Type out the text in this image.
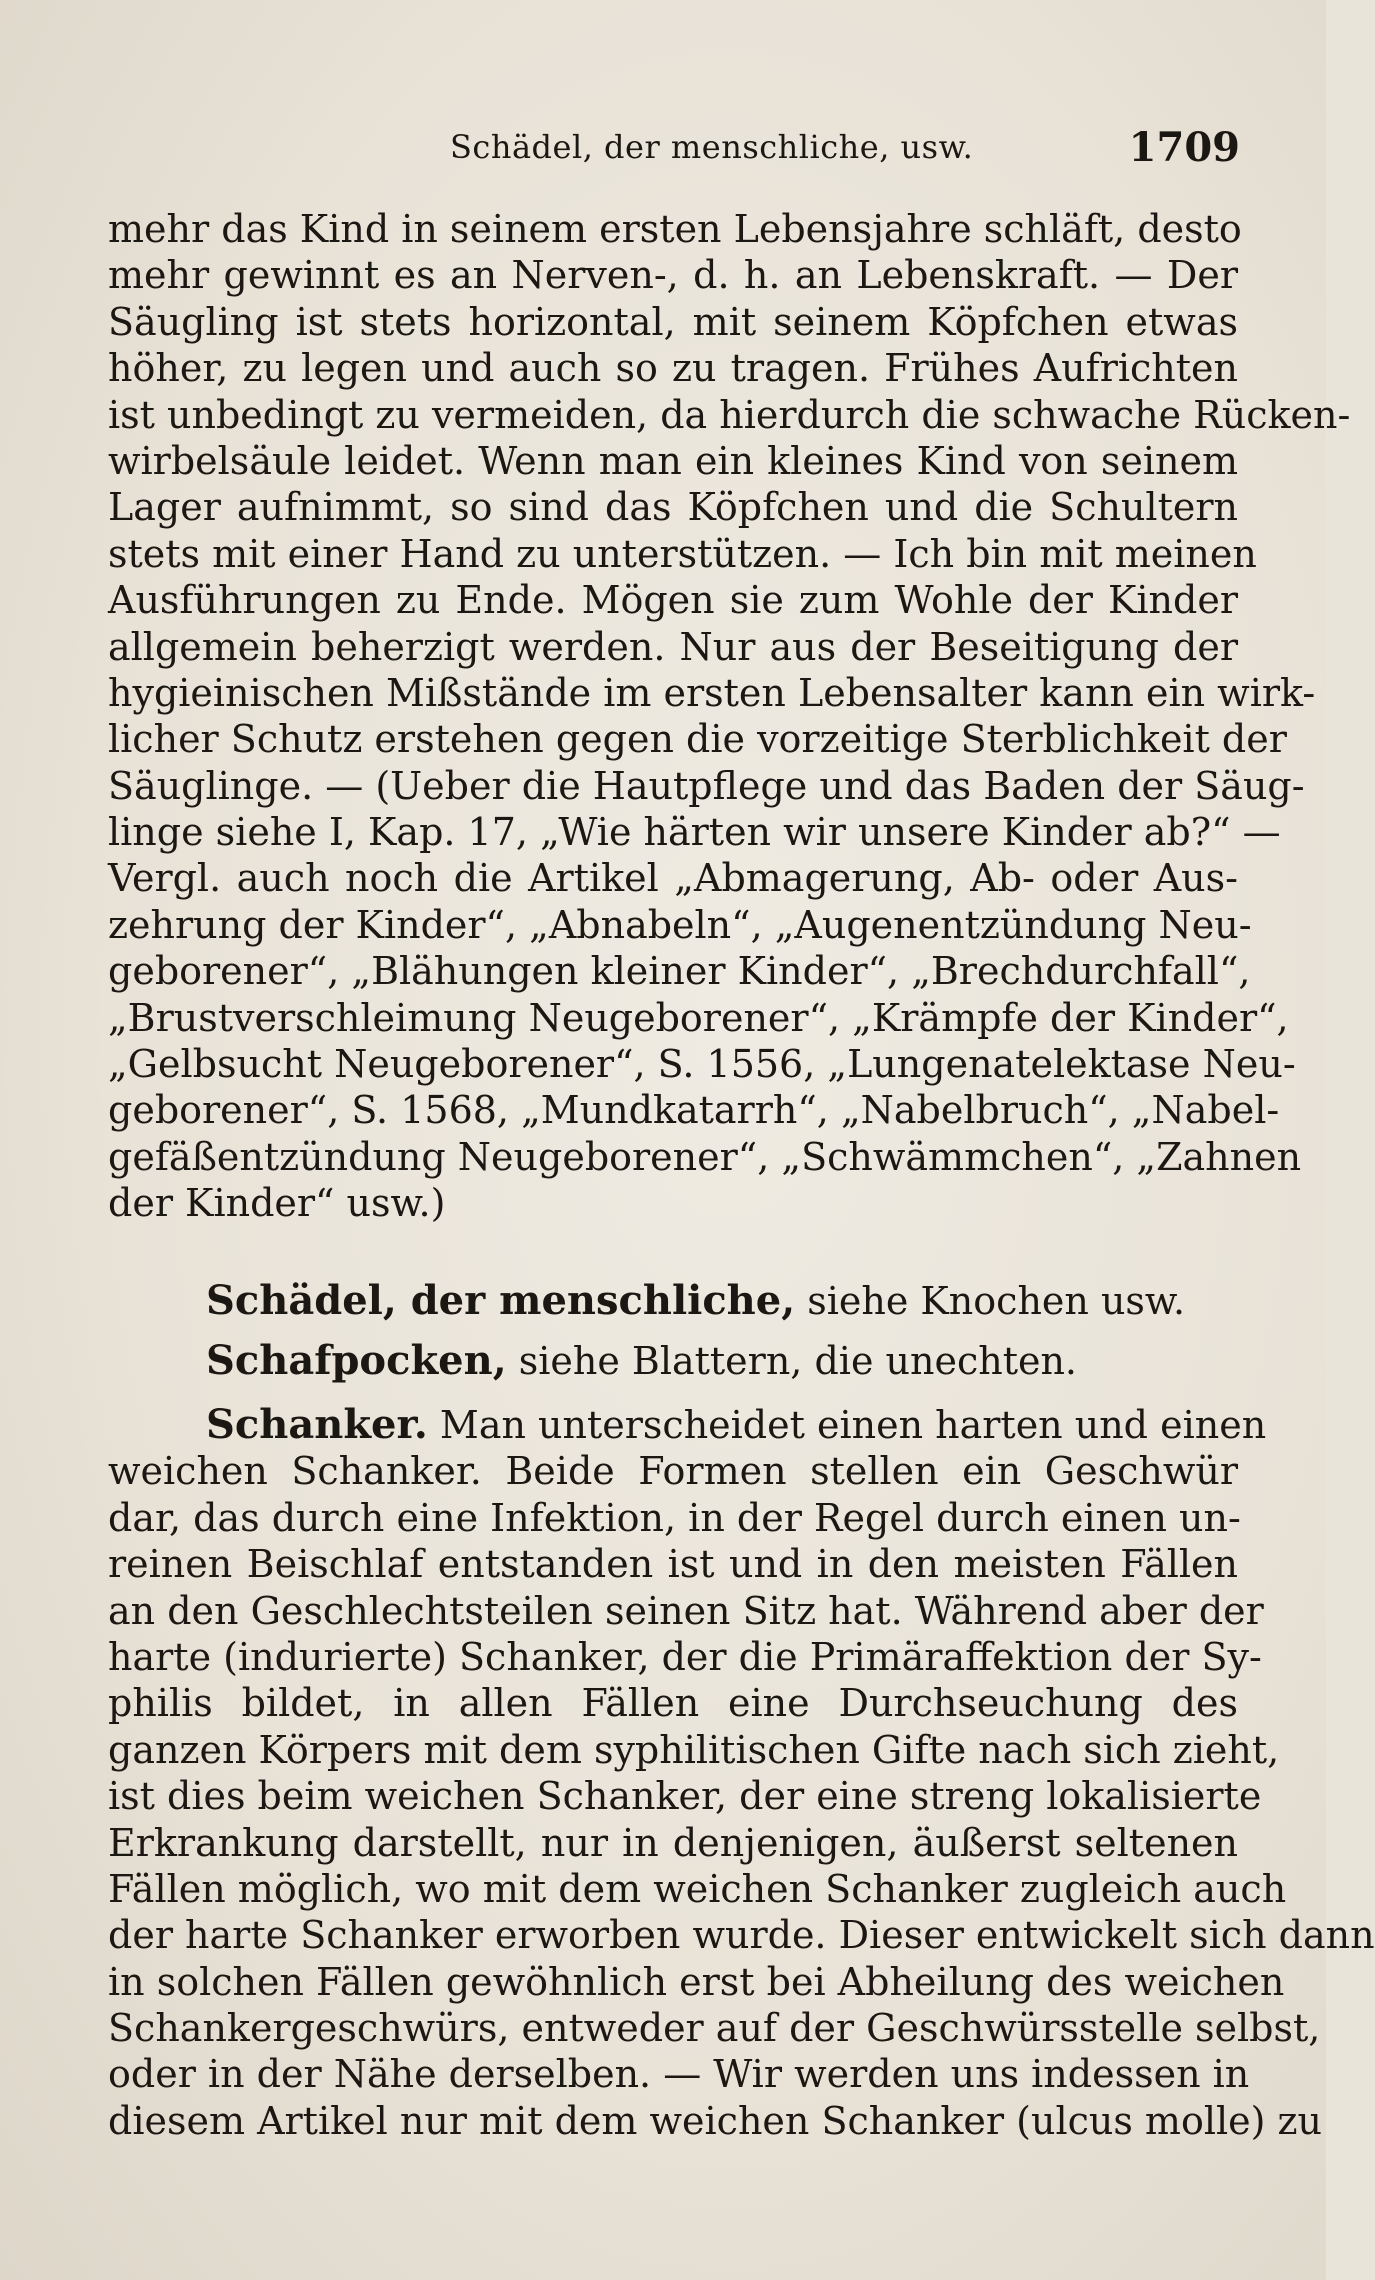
Schädel, der menschliche, usw.	1709
mehr das Kind in seinem ersten Lebensjahre schläft, desto
mehr gewinnt es an Nerven-, d. h. an Lebenskraft. — Der
Säugling ist stets horizontal, mit seinem Köpfchen etwas
höher, zu legen und auch so zu tragen. Frühes Aufrichten
ist unbedingt zu vermeiden, da hierdurch die schwache Rücken-
wirbelsäule leidet. Wenn man ein kleines Kind von seinem
Lager aufnimmt, so sind das Köpfchen und die Schultern
stets mit einer Hand zu unterstützen. — Ich bin mit meinen
Ausführungen zu Ende. Mögen sie zum Wohle der Kinder
allgemein beherzigt werden. Nur aus der Beseitigung der
hygieinischen Mißstände im ersten Lebensalter kann ein wirk-
licher Schutz erstehen gegen die vorzeitige Sterblichkeit der
Säuglinge. — (Ueber die Hautpflege und das Baden der Säug-
linge siehe I, Kap. 17, „Wie härten wir unsere Kinder ab?“ —
Vergl. auch noch die Artikel „Abmagerung, Ab- oder Aus-
zehrung der Kinder“, „Abnabeln“, „Augenentzündung Neu-
geborener“, „Blähungen kleiner Kinder“, „Brechdurchfall“,
„Brustverschleimung Neugeborener“, „Krämpfe der Kinder“,
„Gelbsucht Neugeborener“, S. 1556, „Lungenatelektase Neu-
geborener“, S. 1568, „Mundkatarrh“, „Nabelbruch“, „Nabel-
gefäßentzündung Neugeborener“, „Schwämmchen“, „Zahnen
der Kinder“ usw.)
Schädel, der menschliche, siehe Knochen usw.
Schafpocken, siehe Blattern, die unechten.
Schanker. Man unterscheidet einen harten und einen
weichen Schanker. Beide Formen stellen ein Geschwür
dar, das durch eine Infektion, in der Regel durch einen un-
reinen Beischlaf entstanden ist und in den meisten Fällen
an den Geschlechtsteilen seinen Sitz hat. Während aber der
harte (indurierte) Schanker, der die Primäraffektion der Sy-
philis bildet, in allen Fällen eine Durchseuchung des
ganzen Körpers mit dem syphilitischen Gifte nach sich zieht,
ist dies beim weichen Schanker, der eine streng lokalisierte
Erkrankung darstellt, nur in denjenigen, äußerst seltenen
Fällen möglich, wo mit dem weichen Schanker zugleich auch
der harte Schanker erworben wurde. Dieser entwickelt sich dann
in solchen Fällen gewöhnlich erst bei Abheilung des weichen
Schankergeschwürs, entweder auf der Geschwürsstelle selbst,
oder in der Nähe derselben. — Wir werden uns indessen in
diesem Artikel nur mit dem weichen Schanker (ulcus molle) zu
